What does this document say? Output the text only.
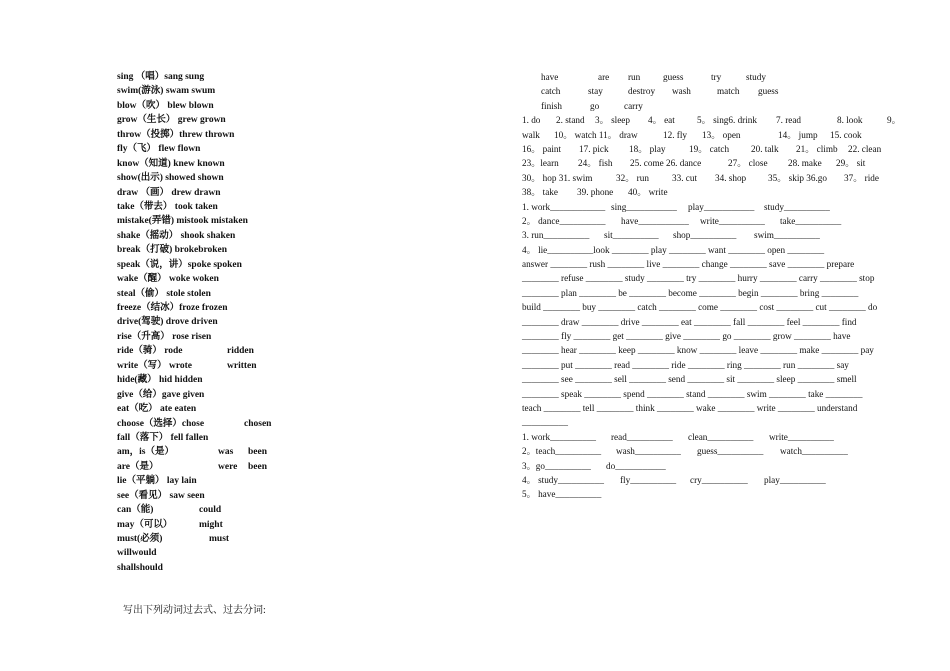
sing （唱）sang sung
swim(游泳) swam swum
blow（吹） blew blown
grow（生长） grew grown
throw（投掷）threw thrown
fly（飞） flew flown
know（知道) knew known
show(出示) showed shown
draw （画） drew drawn
take（带去） took taken
mistake(弄错) mistook mistaken
shake（摇动） shook shaken
break（打破) brokebroken
speak（说，讲）spoke spoken
wake（醒） woke woken
steal（偷） stole stolen
freeze（结冰）froze frozen
drive(驾驶) drove driven
rise（升高） rose risen
ride（骑） rode	ridden
write（写） wrote	written
hide(藏） hid hidden
give（给）gave given
eat（吃） ate eaten
choose（选择）chose	chosen
fall（落下） fell fallen
am，is（是）	was been
are（是）	were been
lie（平躺） lay lain
see（看见） saw seen
can（能)	could
may（可以）	might
must(必须)	must
willwould
shallshould
写出下列动词过去式、过去分词:
have	are run guess	try	study
catch	stay	destroy wash	match guess
finish	go	carry
1. do 2. stand 3。 sleep 4。 eat 5。 sing6. drink 7. read	8. look	9。
walk 10。 watch 11。 draw	12. fly 13。 open	14。 jump 15. cook
16。 paint 17. pick 18。 play	19。 catch 20. talk 21。 climb 22. clean
23。learn 24。 fish 25. come 26. dance	27。 close 28. make 29。 sit
30。 hop 31. swim	32。 run	33. cut 34. shop 35。 skip 36.go 37。 ride
38。 take 39. phone 40。 write
1. work____________ sing___________ play___________ study__________
2。 dance__________ have___________ write__________ take__________
3. run__________ sit__________ shop__________ swim__________
4。 lie__________look ________ play ________ want ________ open ________
answer ________ rush ________ live ________ change ________ save ________ prepare
________ refuse ________ study ________ try ________ hurry ________ carry ________ stop
________ plan ________ be ________ become ________ begin ________ bring ________
build ________ buy ________ catch ________ come ________ cost ________ cut ________ do
________ draw ________ drive ________ eat ________ fall ________ feel ________ find
________ fly ________ get ________ give ________ go ________ grow ________ have
________ hear ________ keep ________ know ________ leave ________ make ________ pay
________ put ________ read ________ ride ________ ring ________ run ________ say
________ see ________ sell ________ send ________ sit ________ sleep ________ smell
________ speak ________ spend ________ stand ________ swim ________ take ________
teach ________ tell ________ think ________ wake ________ write ________ understand
__________
1. work__________ read__________ clean__________ write__________
2。teach__________ wash__________ guess__________ watch__________
3。go__________ do___________
4。 study__________ fly__________ cry__________ play__________
5。 have__________
